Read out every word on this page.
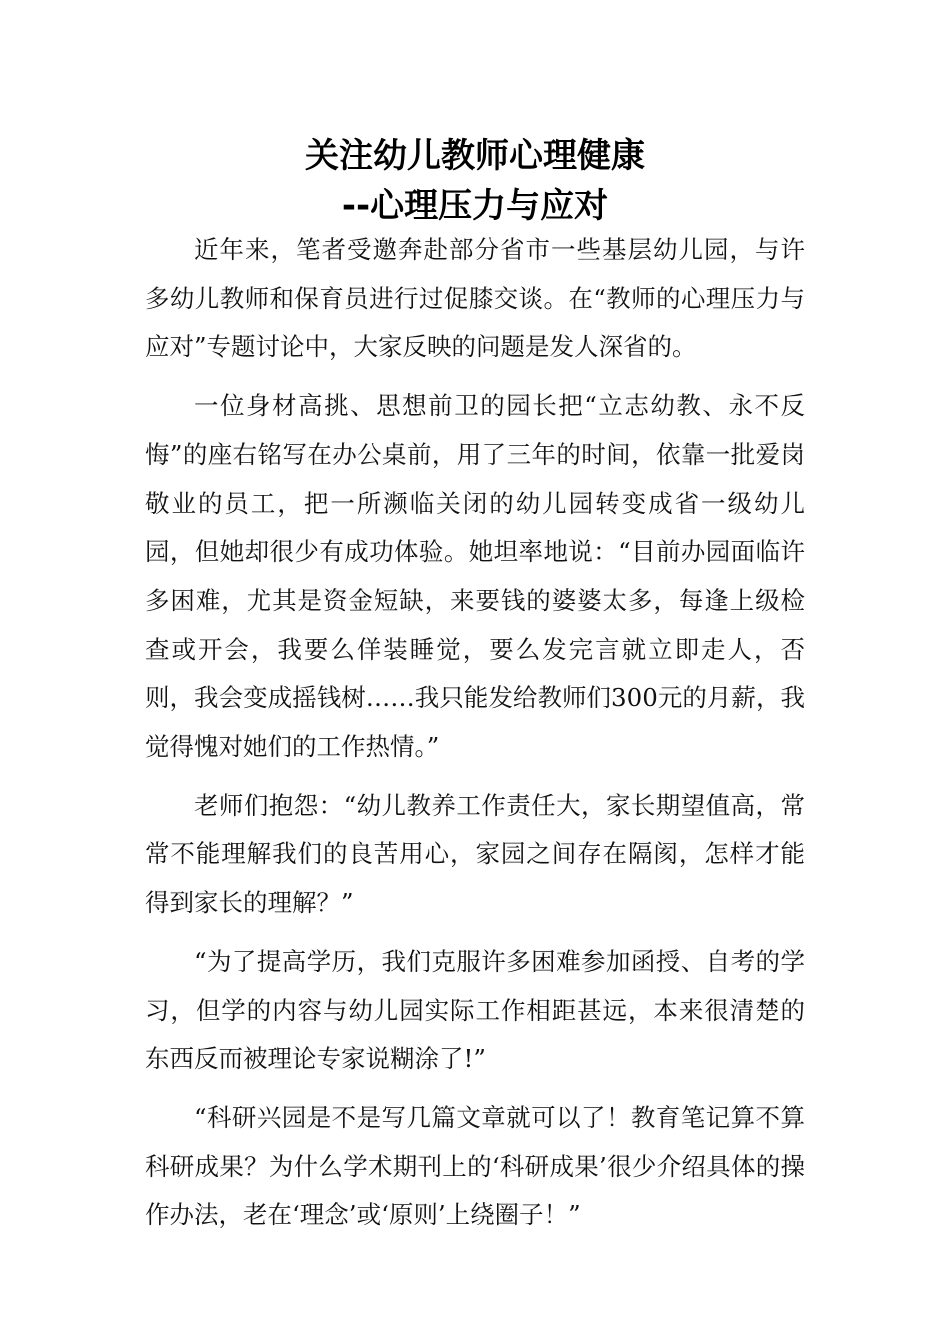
关注幼儿教师心理健康
--心理压力与应对

近年来，笔者受邀奔赴部分省市一些基层幼儿园，与许多幼儿教师和保育员进行过促膝交谈。在“教师的心理压力与应对”专题讨论中，大家反映的问题是发人深省的。

一位身材高挑、思想前卫的园长把“立志幼教、永不反悔”的座右铭写在办公桌前，用了三年的时间，依靠一批爱岗敬业的员工，把一所濒临关闭的幼儿园转变成省一级幼儿园，但她却很少有成功体验。她坦率地说：“目前办园面临许多困难，尤其是资金短缺，来要钱的婆婆太多，每逢上级检查或开会，我要么佯装睡觉，要么发完言就立即走人，否则，我会变成摇钱树……我只能发给教师们300元的月薪，我觉得愧对她们的工作热情。”

老师们抱怨：“幼儿教养工作责任大，家长期望值高，常常不能理解我们的良苦用心，家园之间存在隔阂，怎样才能得到家长的理解？”

“为了提高学历，我们克服许多困难参加函授、自考的学习，但学的内容与幼儿园实际工作相距甚远，本来很清楚的东西反而被理论专家说糊涂了!”

“科研兴园是不是写几篇文章就可以了！教育笔记算不算科研成果？为什么学术期刊上的‘科研成果’很少介绍具体的操作办法，老在‘理念’或‘原则’上绕圈子！”
